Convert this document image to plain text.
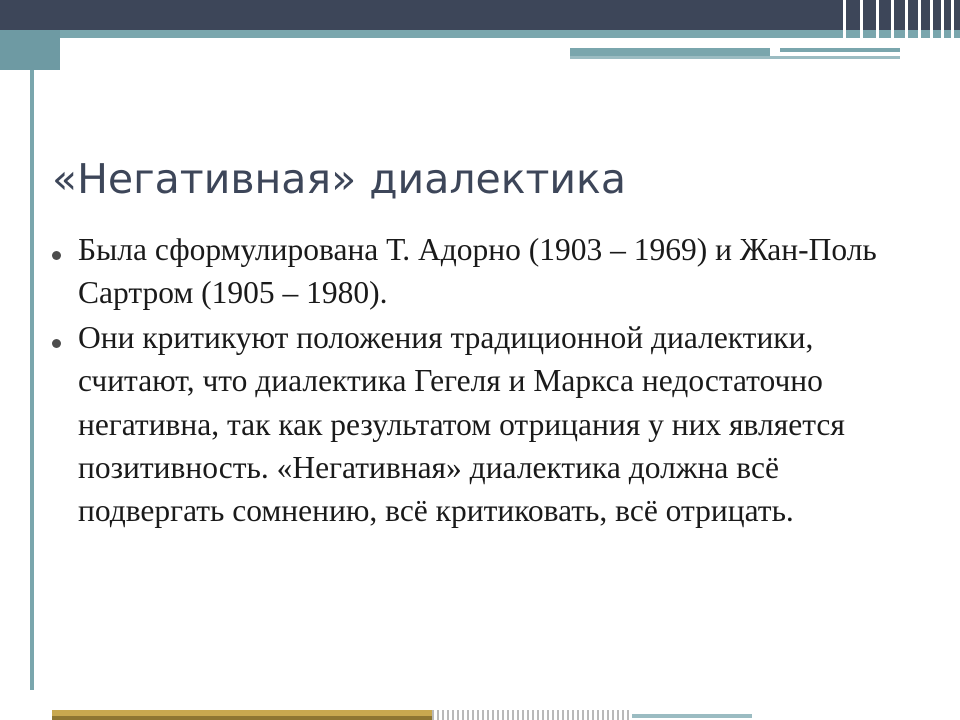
«Негативная» диалектика
Была сформулирована Т. Адорно (1903 – 1969) и Жан-Поль Сартром (1905 – 1980).
Они критикуют положения традиционной диалектики, считают, что диалектика Гегеля и Маркса недостаточно негативна, так как результатом отрицания у них является позитивность. «Негативная» диалектика должна всё подвергать сомнению, всё критиковать, всё отрицать.
